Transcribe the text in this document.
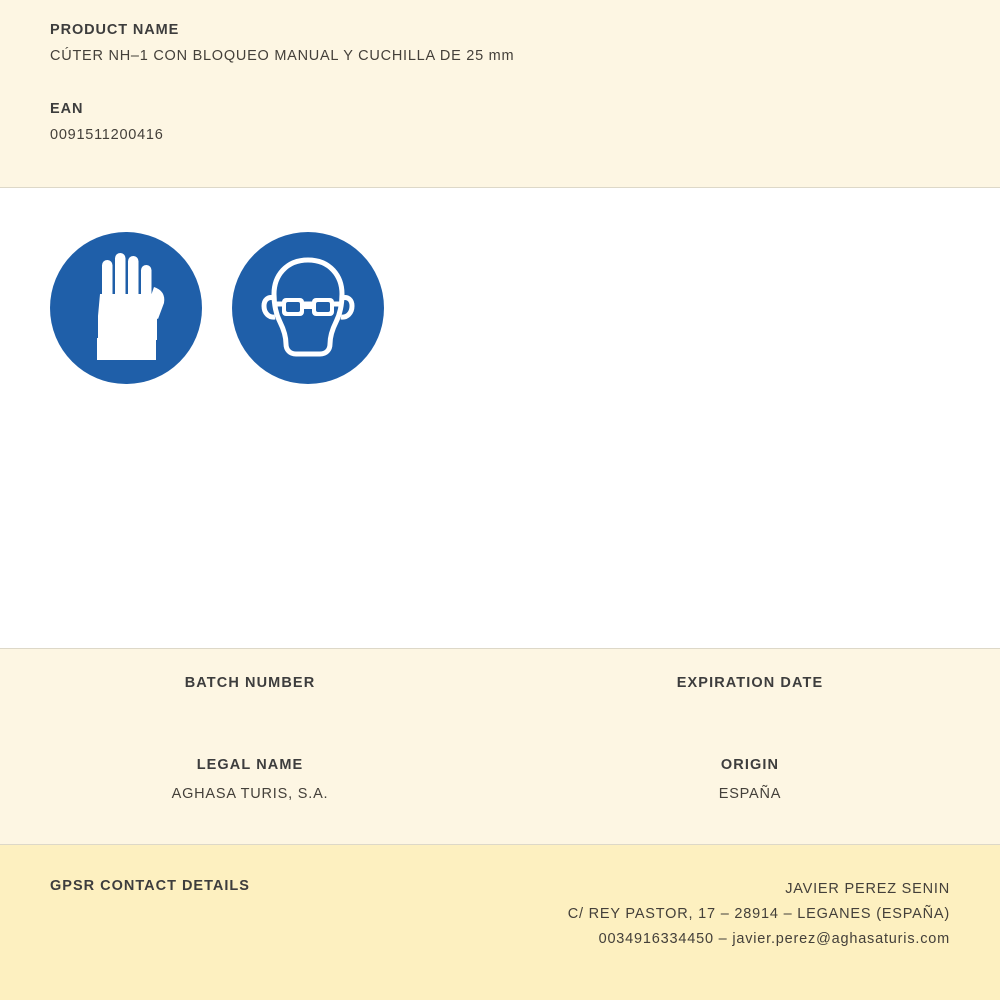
PRODUCT NAME
CÚTER NH–1 CON BLOQUEO MANUAL Y CUCHILLA DE 25 mm
EAN
0091511200416
BATCH NUMBER	EXPIRATION DATE
LEGAL NAME
AGHASA TURIS, S.A.
ORIGIN
ESPAÑA
GPSR CONTACT DETAILS	JAVIER PEREZ SENIN
C/ REY PASTOR, 17 – 28914 – LEGANES (ESPAÑA)
0034916334450 – javier.perez@aghasaturis.com
